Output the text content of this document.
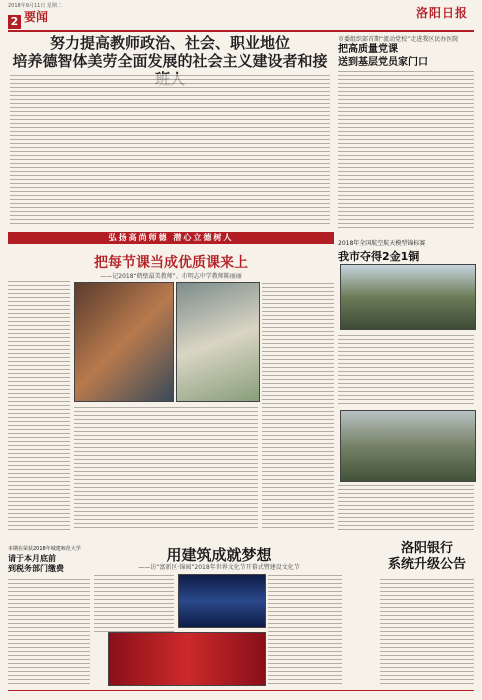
2018年9月11日 星期二
2 要闻	洛阳日报
努力提高教师政治、社会、职业地位
培养德智体美劳全面发展的社会主义建设者和接
市委组织部首期“流动党校”走进我区民办医院
把高质量党课
送到基层党员家门口
弘扬高尚师德 潜心立德树人
把每节课当成优质课来上
——记2018“鹤壁最美教师”、市明志中学教师陈丽丽
2018年全国航空航天模型锦标赛
我市夺得2金1铜
本期在荣获2018年城建师范大学
请于本月底前
到税务部门缴费
用建筑成就梦想
——访“富新区·锦园”2018年世界文化节开幕式暨建设文化节
洛阳银行
系统升级公告
